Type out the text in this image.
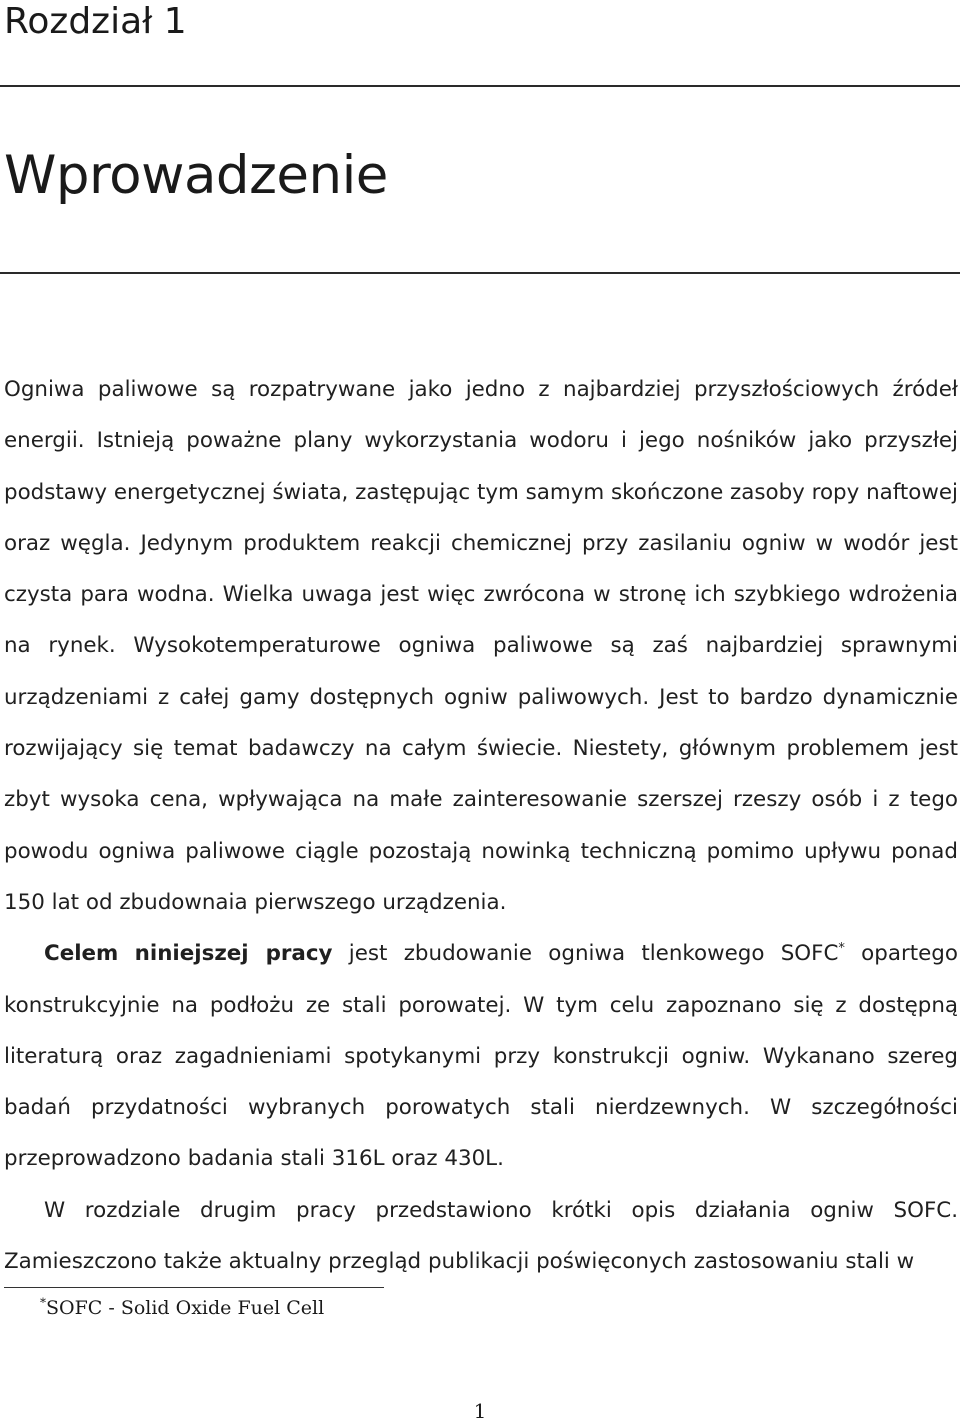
Rozdział 1
Wprowadzenie

Ogniwa paliwowe są rozpatrywane jako jedno z najbardziej przyszłościowych źródeł energii. Istnieją poważne plany wykorzystania wodoru i jego nośników jako przyszłej podstawy energetycznej świata, zastępując tym samym skończone zasoby ropy naftowej oraz węgla. Jedynym produktem reakcji chemicznej przy zasilaniu ogniw w wodór jest czysta para wodna. Wielka uwaga jest więc zwrócona w stronę ich szybkiego wdrożenia na rynek. Wysokotemperaturowe ogniwa paliwowe są zaś najbardziej sprawnymi urządzeniami z całej gamy dostępnych ogniw paliwowych. Jest to bardzo dynamicznie rozwijający się temat badawczy na całym świecie. Niestety, głównym problemem jest zbyt wysoka cena, wpływająca na małe zainteresowanie szerszej rzeszy osób i z tego powodu ogniwa paliwowe ciągle pozostają nowinką techniczną pomimo upływu ponad 150 lat od zbudownaia pierwszego urządzenia.

Celem niniejszej pracy jest zbudowanie ogniwa tlenkowego SOFC* opartego konstrukcyjnie na podłożu ze stali porowatej. W tym celu zapoznano się z dostępną literaturą oraz zagadnieniami spotykanymi przy konstrukcji ogniw. Wykanano szereg badań przydatności wybranych porowatych stali nierdzewnych. W szczegółności przeprowadzono badania stali 316L oraz 430L.

W rozdziale drugim pracy przedstawiono krótki opis działania ogniw SOFC. Zamieszczono także aktualny przegląd publikacji poświęconych zastosowaniu stali w

*SOFC - Solid Oxide Fuel Cell
1
